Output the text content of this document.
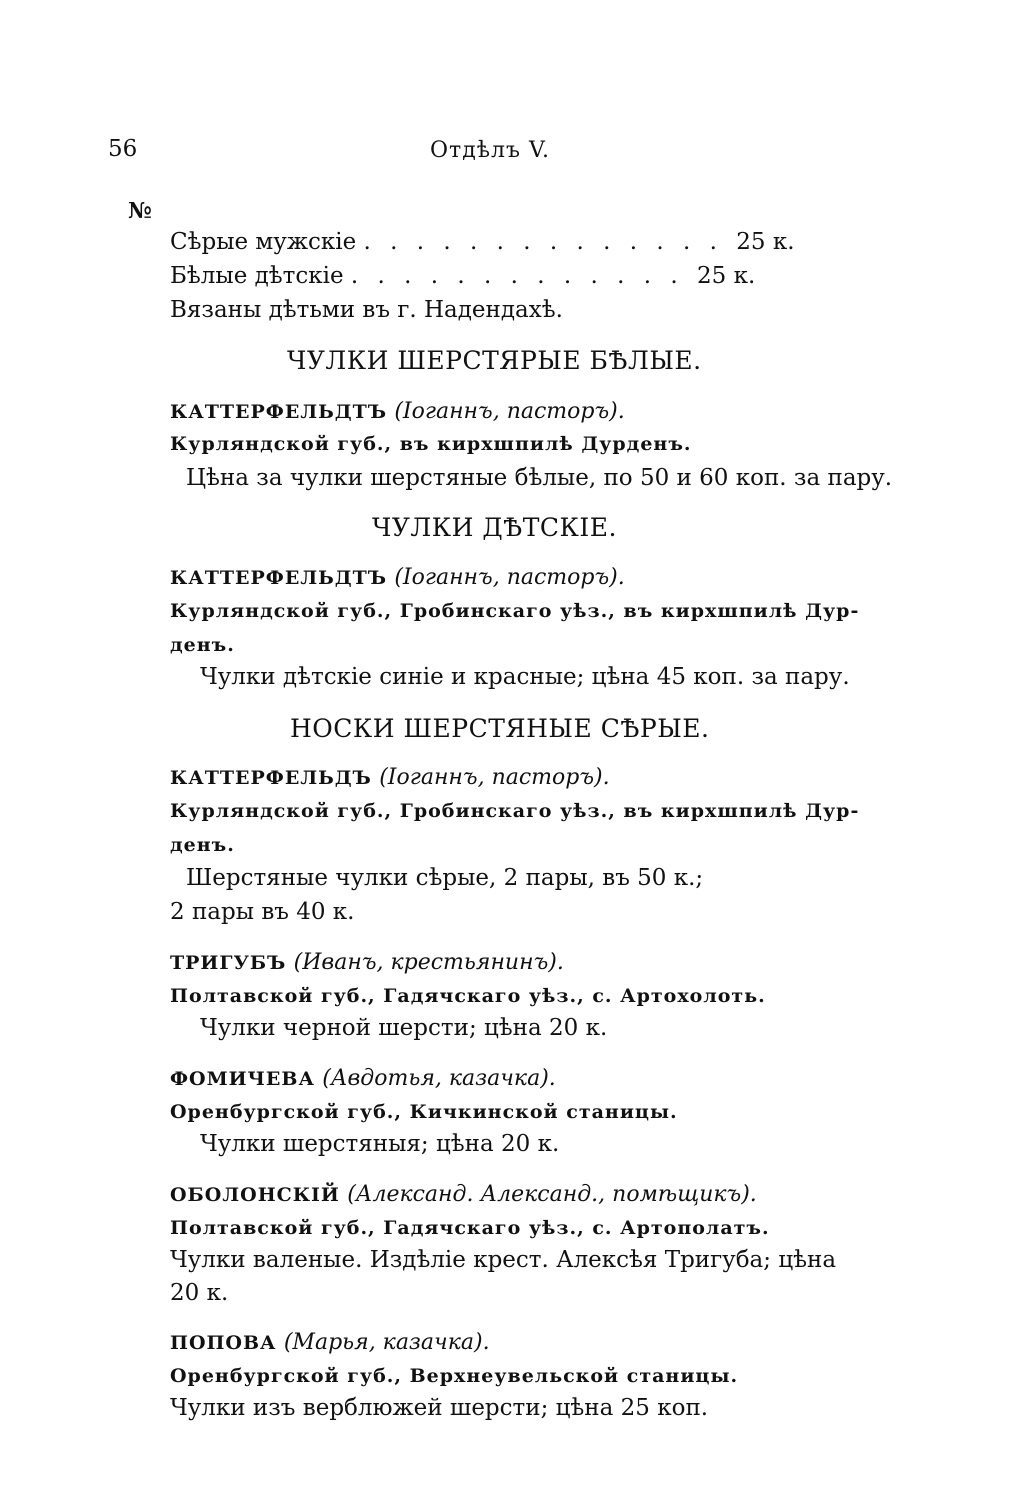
56	Отдѣлъ V.
№
Сѣрые мужскіе . . . . . . . . . . . . . . 25 к.
Бѣлые дѣтскіе . . . . . . . . . . . . . 25 к.
Вязаны дѣтьми въ г. Надендахѣ.
ЧУЛКИ ШЕРСТЯРЫЕ БѢЛЫЕ.
КАТТЕРФЕЛЬДТЪ (Іоганнъ, пасторъ).
Курляндской губ., въ кирхшпилѣ Дурденъ.
Цѣна за чулки шерстяные бѣлые, по 50 и 60 коп. за пару.
ЧУЛКИ ДѢТСКІЕ.
КАТТЕРФЕЛЬДТЪ (Іоганнъ, пасторъ).
Курляндской губ., Гробинскаго уѣз., въ кирхшпилѣ Дур-
денъ.
Чулки дѣтскіе синіе и красные; цѣна 45 коп. за пару.
НОСКИ ШЕРСТЯНЫЕ СѢРЫЕ.
КАТТЕРФЕЛЬДЪ (Іоганнъ, пасторъ).
Курляндской губ., Гробинскаго уѣз., въ кирхшпилѣ Дур-
денъ.
Шерстяные чулки сѣрые, 2 пары, въ 50 к.;
2 пары въ 40 к.
ТРИГУБЪ (Иванъ, крестьянинъ).
Полтавской губ., Гадячскаго уѣз., с. Артохолоть.
Чулки черной шерсти; цѣна 20 к.
ФОМИЧЕВА (Авдотья, казачка).
Оренбургской губ., Кичкинской станицы.
Чулки шерстяныя; цѣна 20 к.
ОБОЛОНСКІЙ (Александ. Александ., помѣщикъ).
Полтавской губ., Гадячскаго уѣз., с. Артополатъ.
Чулки валеные. Издѣліе крест. Алексѣя Тригуба; цѣна
20 к.
ПОПОВА (Марья, казачка).
Оренбургской губ., Верхнеувельской станицы.
Чулки изъ верблюжей шерсти; цѣна 25 коп.
